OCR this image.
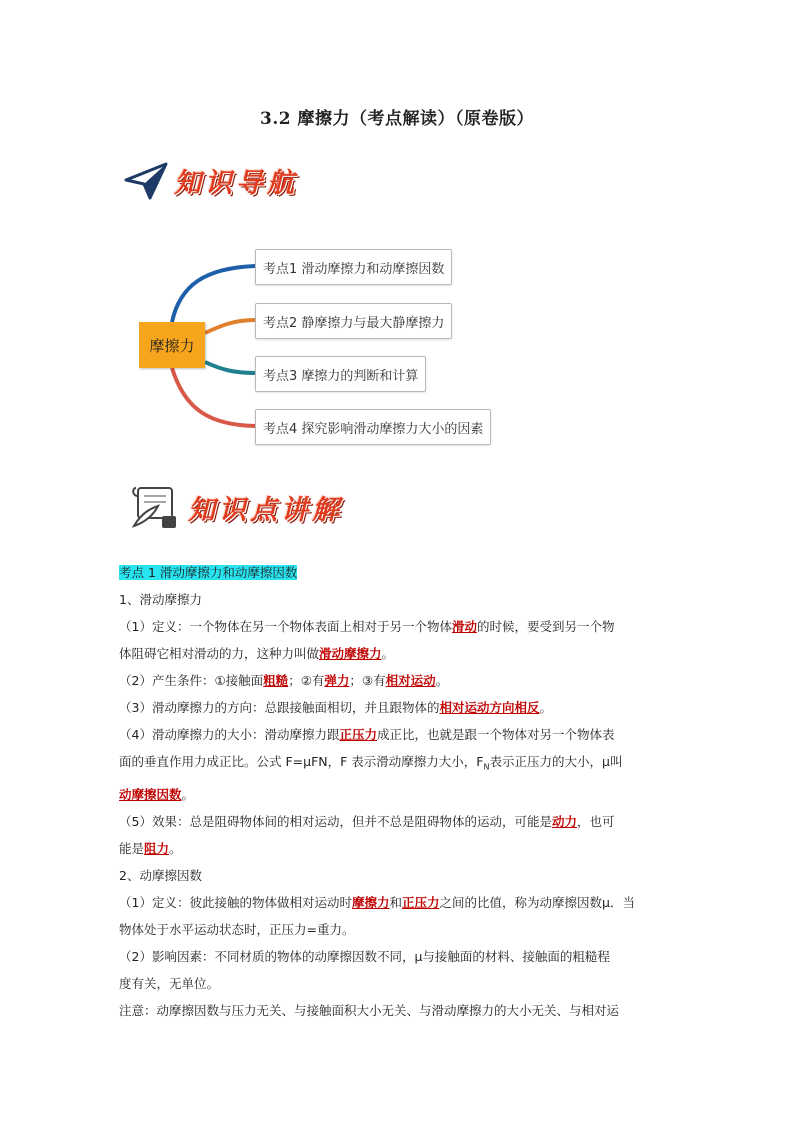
3.2 摩擦力（考点解读）（原卷版）
知识导航
摩擦力
考点1 滑动摩擦力和动摩擦因数
考点2 静摩擦力与最大静摩擦力
考点3 摩擦力的判断和计算
考点4 探究影响滑动摩擦力大小的因素
知识点讲解

考点 1 滑动摩擦力和动摩擦因数

1、滑动摩擦力

（1）定义：一个物体在另一个物体表面上相对于另一个物体滑动的时候，要受到另一个物

体阻碍它相对滑动的力，这种力叫做滑动摩擦力。

（2）产生条件：①接触面粗糙；②有弹力；③有相对运动。

（3）滑动摩擦力的方向：总跟接触面相切，并且跟物体的相对运动方向相反。

（4）滑动摩擦力的大小：滑动摩擦力跟正压力成正比，也就是跟一个物体对另一个物体表

面的垂直作用力成正比。公式 F=μFN，F 表示滑动摩擦力大小，$F_N$表示正压力的大小，μ叫

动摩擦因数。

（5）效果：总是阻碍物体间的相对运动，但并不总是阻碍物体的运动，可能是动力，也可

能是阻力。

2、动摩擦因数

（1）定义：彼此接触的物体做相对运动时摩擦力和正压力之间的比值，称为动摩擦因数μ．当

物体处于水平运动状态时，正压力=重力。

（2）影响因素：不同材质的物体的动摩擦因数不同，μ与接触面的材料、接触面的粗糙程

度有关，无单位。

注意：动摩擦因数与压力无关、与接触面积大小无关、与滑动摩擦力的大小无关、与相对运
